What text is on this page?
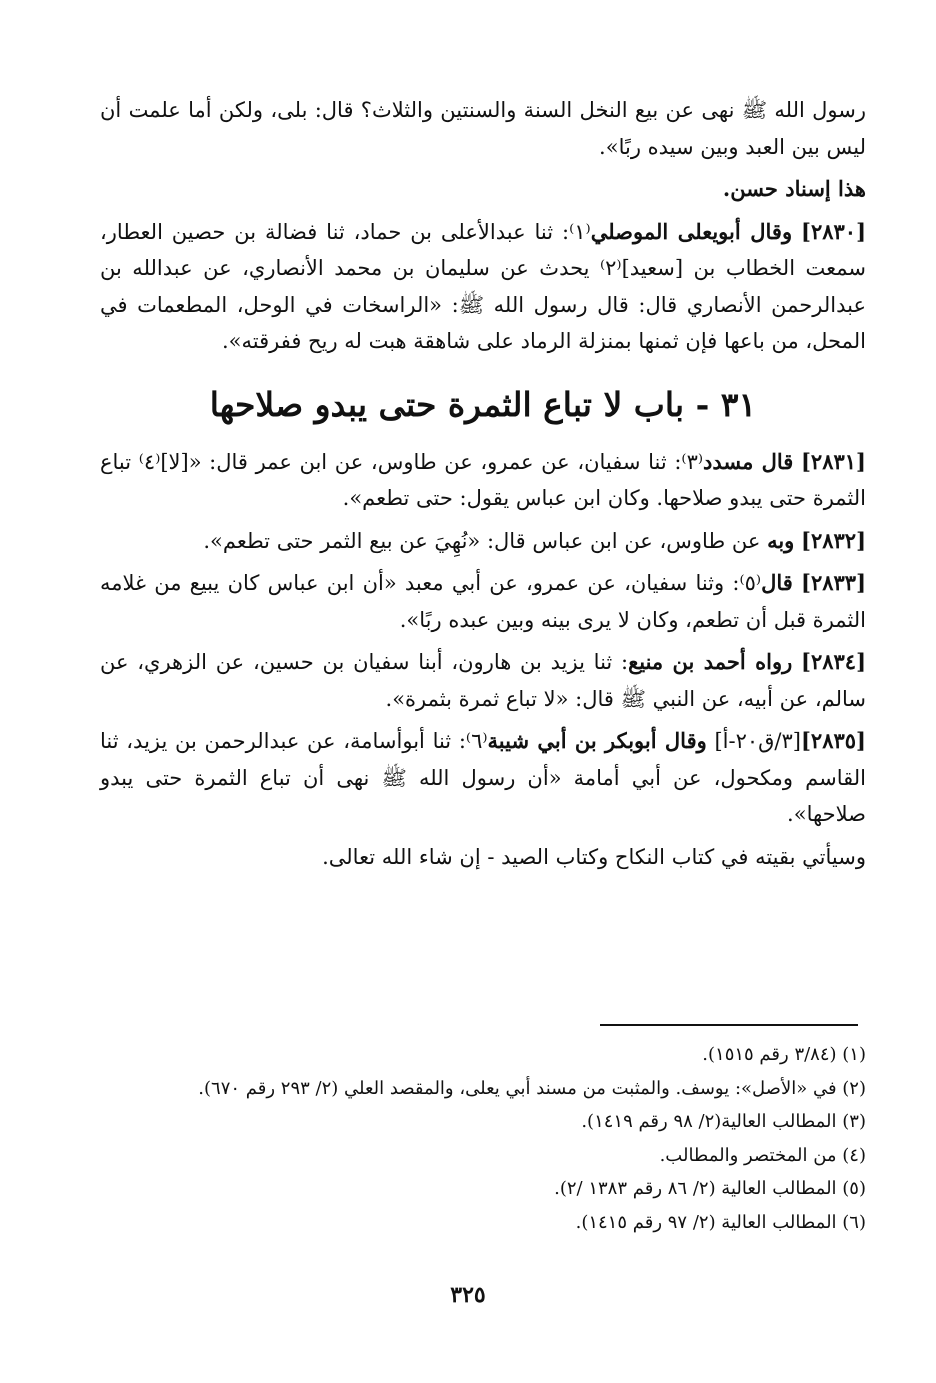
رسول الله ﷺ نهى عن بيع النخل السنة والسنتين والثلاث؟ قال: بلى، ولكن أما علمت أن ليس بين العبد وبين سيده ربًا».

هذا إسناد حسن.

[٢٨٣٠] وقال أبويعلى الموصلي⁽١⁾: ثنا عبدالأعلى بن حماد، ثنا فضالة بن حصين العطار، سمعت الخطاب بن [سعيد]⁽٢⁾ يحدث عن سليمان بن محمد الأنصاري، عن عبدالله بن عبدالرحمن الأنصاري قال: قال رسول الله ﷺ: «الراسخات في الوحل، المطعمات في المحل، من باعها فإن ثمنها بمنزلة الرماد على شاهقة هبت له ريح ففرقته».

٣١ - باب لا تباع الثمرة حتى يبدو صلاحها

[٢٨٣١] قال مسدد⁽٣⁾: ثنا سفيان، عن عمرو، عن طاوس، عن ابن عمر قال: «[لا]⁽٤⁾ تباع الثمرة حتى يبدو صلاحها. وكان ابن عباس يقول: حتى تطعم».

[٢٨٣٢] وبه عن طاوس، عن ابن عباس قال: «نُهِيَ عن بيع الثمر حتى تطعم».

[٢٨٣٣] قال⁽٥⁾: وثنا سفيان، عن عمرو، عن أبي معبد «أن ابن عباس كان يبيع من غلامه الثمرة قبل أن تطعم، وكان لا يرى بينه وبين عبده ربًا».

[٢٨٣٤] رواه أحمد بن منيع: ثنا يزيد بن هارون، أبنا سفيان بن حسين، عن الزهري، عن سالم، عن أبيه، عن النبي ﷺ قال: «لا تباع ثمرة بثمرة».

[٢٨٣٥][٣/ق٢٠-أ] وقال أبوبكر بن أبي شيبة⁽٦⁾: ثنا أبوأسامة، عن عبدالرحمن بن يزيد، ثنا القاسم ومكحول، عن أبي أمامة «أن رسول الله ﷺ نهى أن تباع الثمرة حتى يبدو صلاحها».

وسيأتي بقيته في كتاب النكاح وكتاب الصيد - إن شاء الله تعالى.

(١) (٣/٨٤ رقم ١٥١٥).
(٢) في «الأصل»: يوسف. والمثبت من مسند أبي يعلى، والمقصد العلي (٢/ ٢٩٣ رقم ٦٧٠).
(٣) المطالب العالية(٢/ ٩٨ رقم ١٤١٩).
(٤) من المختصر والمطالب.
(٥) المطالب العالية (٢/ ٨٦ رقم ١٣٨٣ /٢).
(٦) المطالب العالية (٢/ ٩٧ رقم ١٤١٥).
٣٢٥
